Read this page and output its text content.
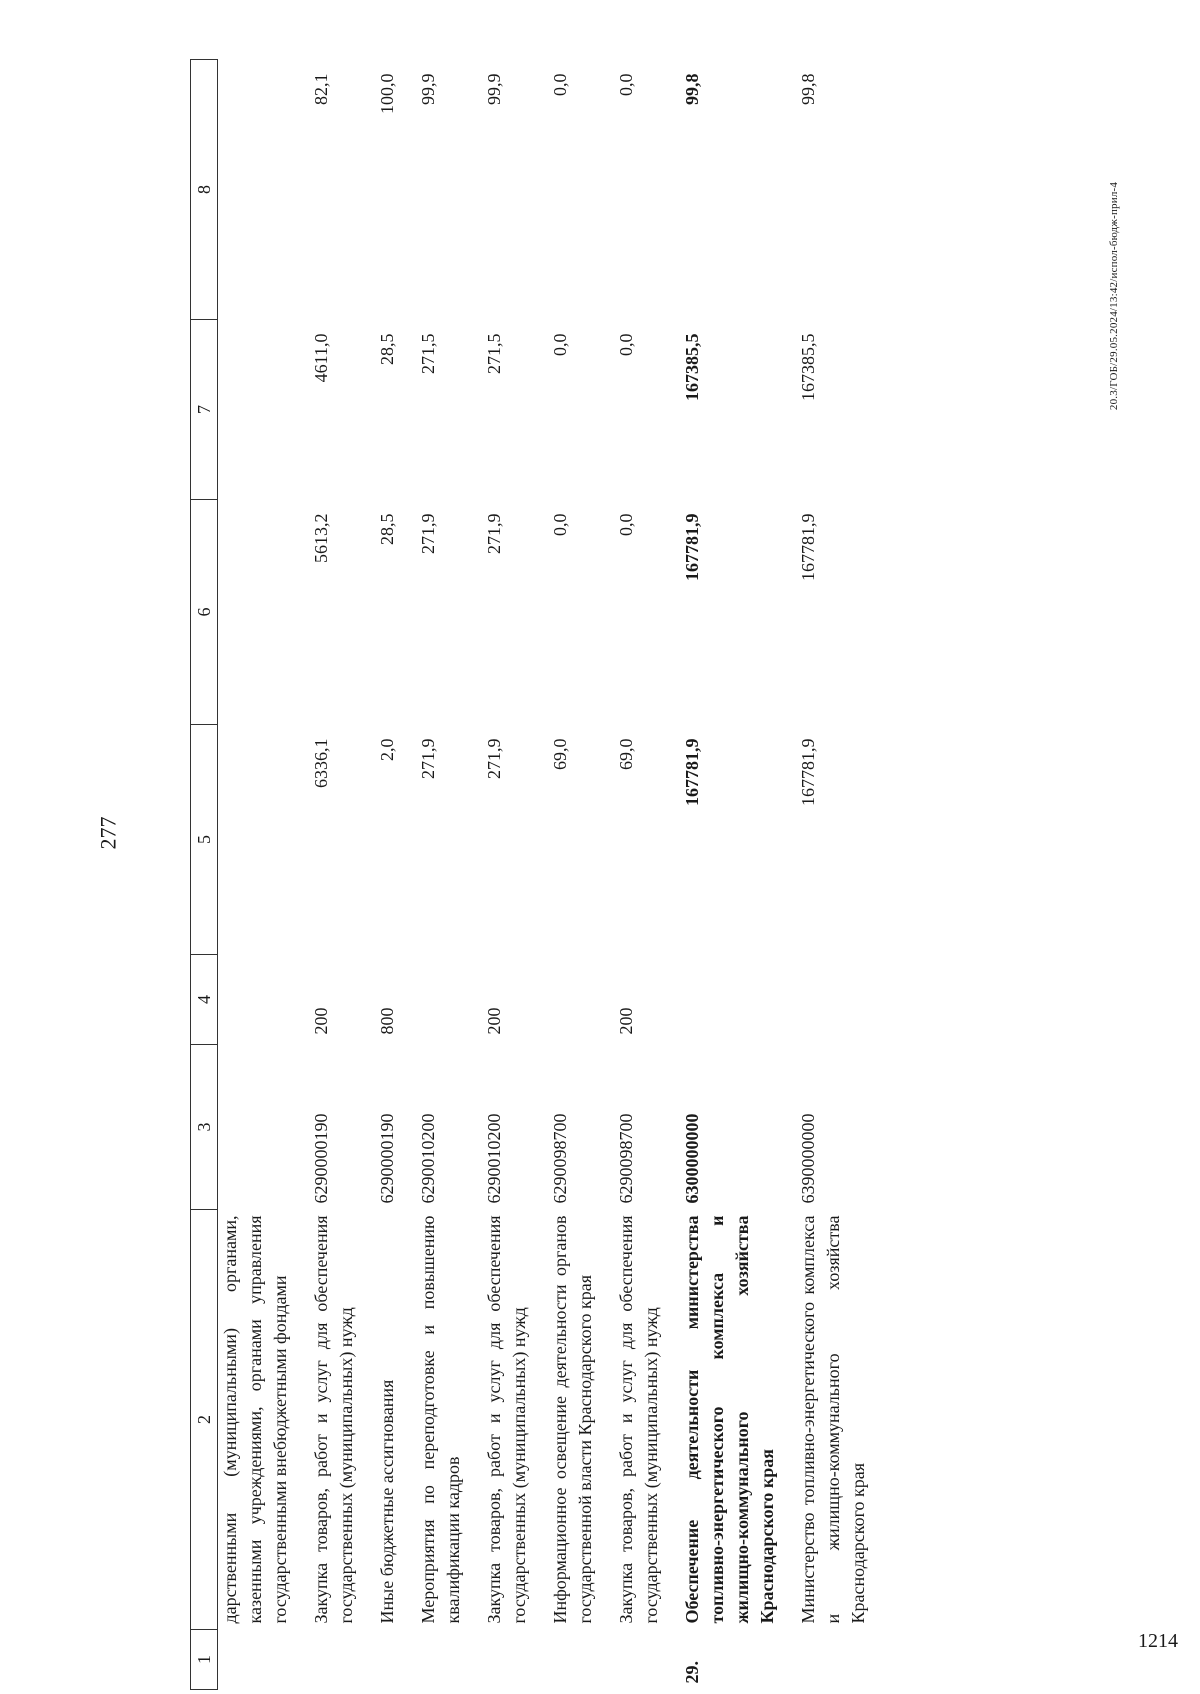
277
20.3/ГОБ/29.05.2024/13:42/испол-бюдж-прил-4
1214
1	2	3	4	5	6	7	8
	дарственными (муниципальными) органами, казенными учреждениями, органами управления государственными внебюджетными фондами						
	Закупка товаров, работ и услуг для обеспечения государственных (муниципальных) нужд	6290000190	200	6336,1	5613,2	4611,0	82,1
	Иные бюджетные ассигнования	6290000190	800	2,0	28,5	28,5	100,0
	Мероприятия по переподготовке и повышению квалификации кадров	6290010200		271,9	271,9	271,5	99,9
	Закупка товаров, работ и услуг для обеспечения государственных (муниципальных) нужд	6290010200	200	271,9	271,9	271,5	99,9
	Информационное освещение деятельности органов государственной власти Краснодарского края	6290098700		69,0	0,0	0,0	0,0
	Закупка товаров, работ и услуг для обеспечения государственных (муниципальных) нужд	6290098700	200	69,0	0,0	0,0	0,0
29.	Обеспечение деятельности министерства топливно-энергетического комплекса и жилищно-коммунального хозяйства Краснодарского края	6300000000		167781,9	167781,9	167385,5	99,8
	Министерство топливно-энергетического комплекса и жилищно-коммунального хозяйства Краснодарского края	6390000000		167781,9	167781,9	167385,5	99,8
